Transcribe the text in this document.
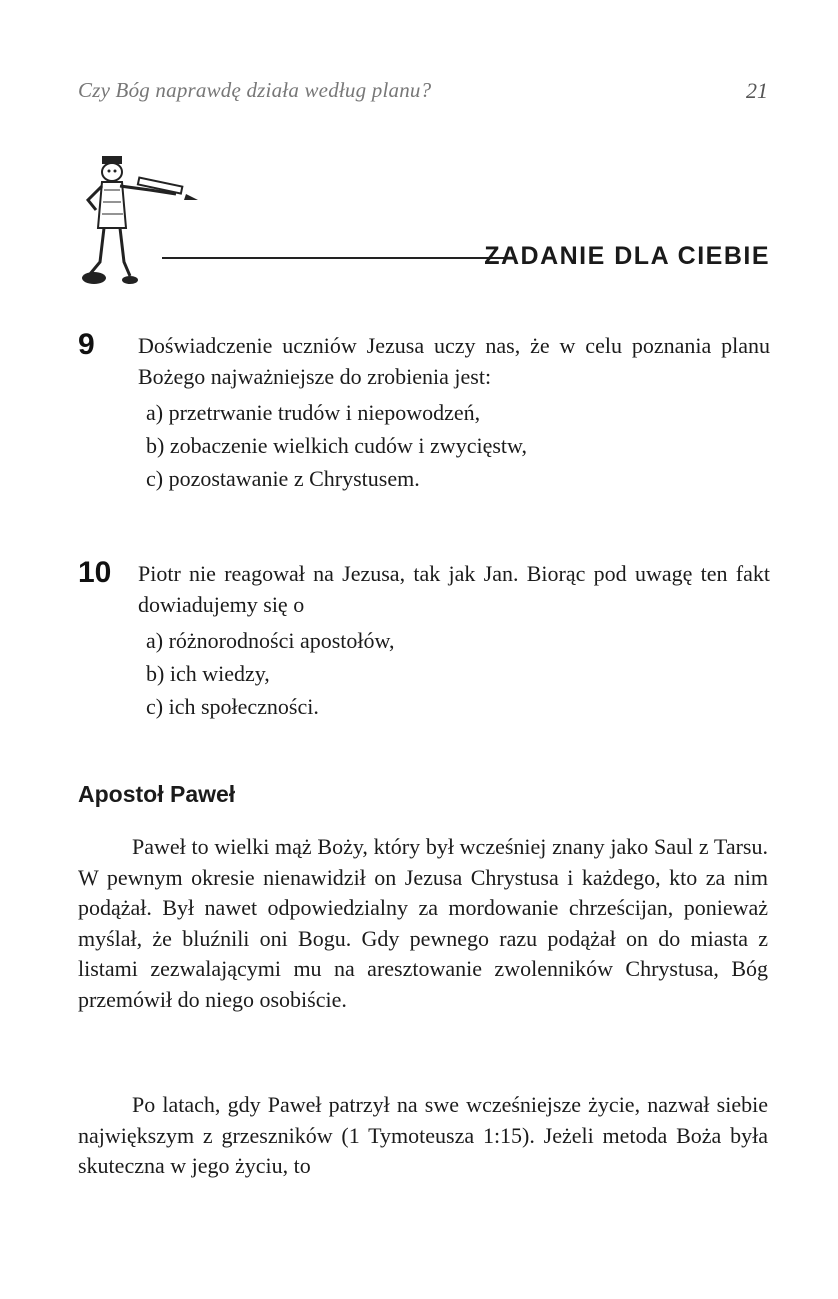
Czy Bóg naprawdę działa według planu?	21
ZADANIE DLA CIEBIE
9 Doświadczenie uczniów Jezusa uczy nas, że w celu poznania planu Bożego najważniejsze do zrobienia jest:
a) przetrwanie trudów i niepowodzeń,
b) zobaczenie wielkich cudów i zwycięstw,
c) pozostawanie z Chrystusem.
10 Piotr nie reagował na Jezusa, tak jak Jan. Biorąc pod uwagę ten fakt dowiadujemy się o
a) różnorodności apostołów,
b) ich wiedzy,
c) ich społeczności.
Apostoł Paweł
Paweł to wielki mąż Boży, który był wcześniej znany jako Saul z Tarsu. W pewnym okresie nienawidził on Jezusa Chrystusa i każdego, kto za nim podążał. Był nawet odpowiedzialny za mordowanie chrześcijan, ponieważ myślał, że bluźnili oni Bogu. Gdy pewnego razu podążał on do miasta z listami zezwalającymi mu na aresztowanie zwolenników Chrystusa, Bóg przemówił do niego osobiście.
Po latach, gdy Paweł patrzył na swe wcześniejsze życie, nazwał siebie największym z grzeszników (1 Tymoteusza 1:15). Jeżeli metoda Boża była skuteczna w jego życiu, to
